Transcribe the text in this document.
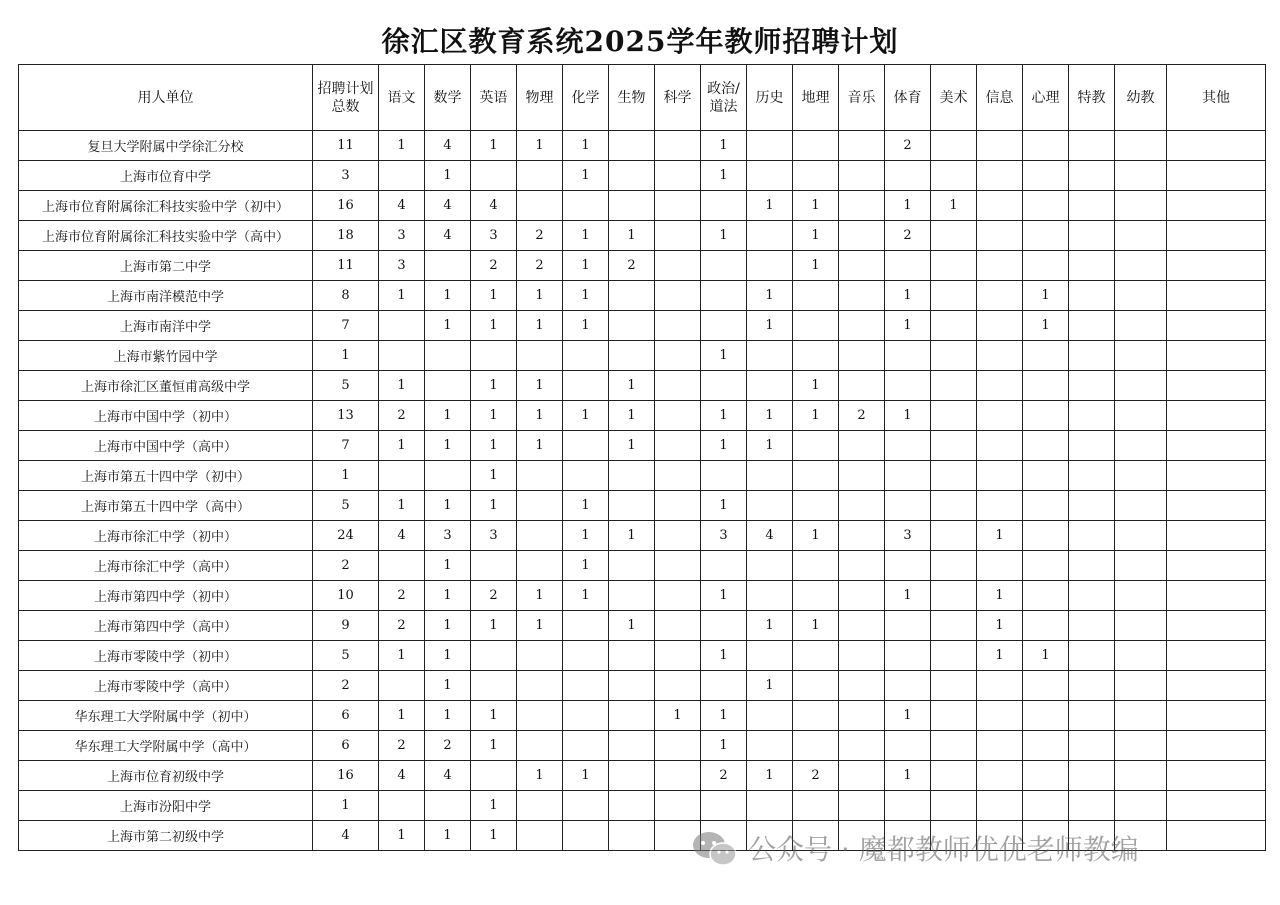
徐汇区教育系统2025学年教师招聘计划
用人单位	招聘计划总数	语文	数学	英语	物理	化学	生物	科学	政治/道法	历史	地理	音乐	体育	美术	信息	心理	特教	幼教	其他
复旦大学附属中学徐汇分校	11	1	4	1	1	1			1				2						
上海市位育中学	3		1			1			1										
上海市位育附属徐汇科技实验中学（初中）	16	4	4	4						1	1		1	1					
上海市位育附属徐汇科技实验中学（高中）	18	3	4	3	2	1	1		1		1		2						
上海市第二中学	11	3		2	2	1	2				1								
上海市南洋模范中学	8	1	1	1	1	1				1			1			1			
上海市南洋中学	7		1	1	1	1				1			1			1			
上海市紫竹园中学	1								1										
上海市徐汇区董恒甫高级中学	5	1		1	1		1				1								
上海市中国中学（初中）	13	2	1	1	1	1	1		1	1	1	2	1						
上海市中国中学（高中）	7	1	1	1	1		1		1	1									
上海市第五十四中学（初中）	1			1															
上海市第五十四中学（高中）	5	1	1	1		1			1										
上海市徐汇中学（初中）	24	4	3	3		1	1		3	4	1		3		1				
上海市徐汇中学（高中）	2		1			1													
上海市第四中学（初中）	10	2	1	2	1	1			1				1		1				
上海市第四中学（高中）	9	2	1	1	1		1			1	1				1				
上海市零陵中学（初中）	5	1	1						1						1	1			
上海市零陵中学（高中）	2		1							1									
华东理工大学附属中学（初中）	6	1	1	1				1	1				1						
华东理工大学附属中学（高中）	6	2	2	1					1										
上海市位育初级中学	16	4	4		1	1			2	1	2		1						
上海市汾阳中学	1			1															
上海市第二初级中学	4	1	1	1																公众号 · 魔都教师优优老师教编
